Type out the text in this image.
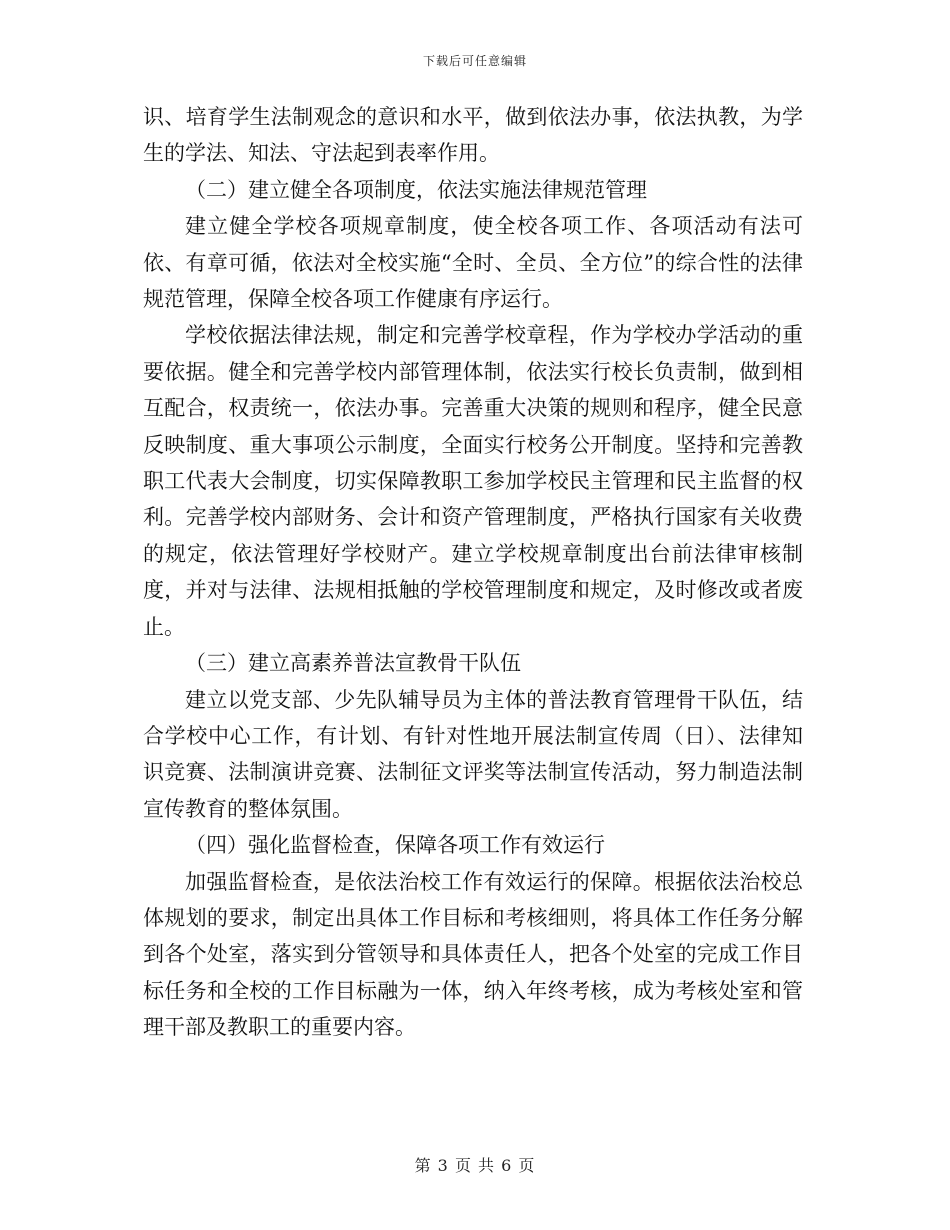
下载后可任意编辑

识、培育学生法制观念的意识和水平，做到依法办事，依法执教，为学生的学法、知法、守法起到表率作用。

（二）建立健全各项制度，依法实施法律规范管理

建立健全学校各项规章制度，使全校各项工作、各项活动有法可依、有章可循，依法对全校实施“全时、全员、全方位”的综合性的法律规范管理，保障全校各项工作健康有序运行。

学校依据法律法规，制定和完善学校章程，作为学校办学活动的重要依据。健全和完善学校内部管理体制，依法实行校长负责制，做到相互配合，权责统一，依法办事。完善重大决策的规则和程序，健全民意反映制度、重大事项公示制度，全面实行校务公开制度。坚持和完善教职工代表大会制度，切实保障教职工参加学校民主管理和民主监督的权利。完善学校内部财务、会计和资产管理制度，严格执行国家有关收费的规定，依法管理好学校财产。建立学校规章制度出台前法律审核制度，并对与法律、法规相抵触的学校管理制度和规定，及时修改或者废止。

（三）建立高素养普法宣教骨干队伍

建立以党支部、少先队辅导员为主体的普法教育管理骨干队伍，结合学校中心工作，有计划、有针对性地开展法制宣传周（日）、法律知识竞赛、法制演讲竞赛、法制征文评奖等法制宣传活动，努力制造法制宣传教育的整体氛围。

（四）强化监督检查，保障各项工作有效运行

加强监督检查，是依法治校工作有效运行的保障。根据依法治校总体规划的要求，制定出具体工作目标和考核细则，将具体工作任务分解到各个处室，落实到分管领导和具体责任人，把各个处室的完成工作目标任务和全校的工作目标融为一体，纳入年终考核，成为考核处室和管理干部及教职工的重要内容。

第 3 页 共 6 页
